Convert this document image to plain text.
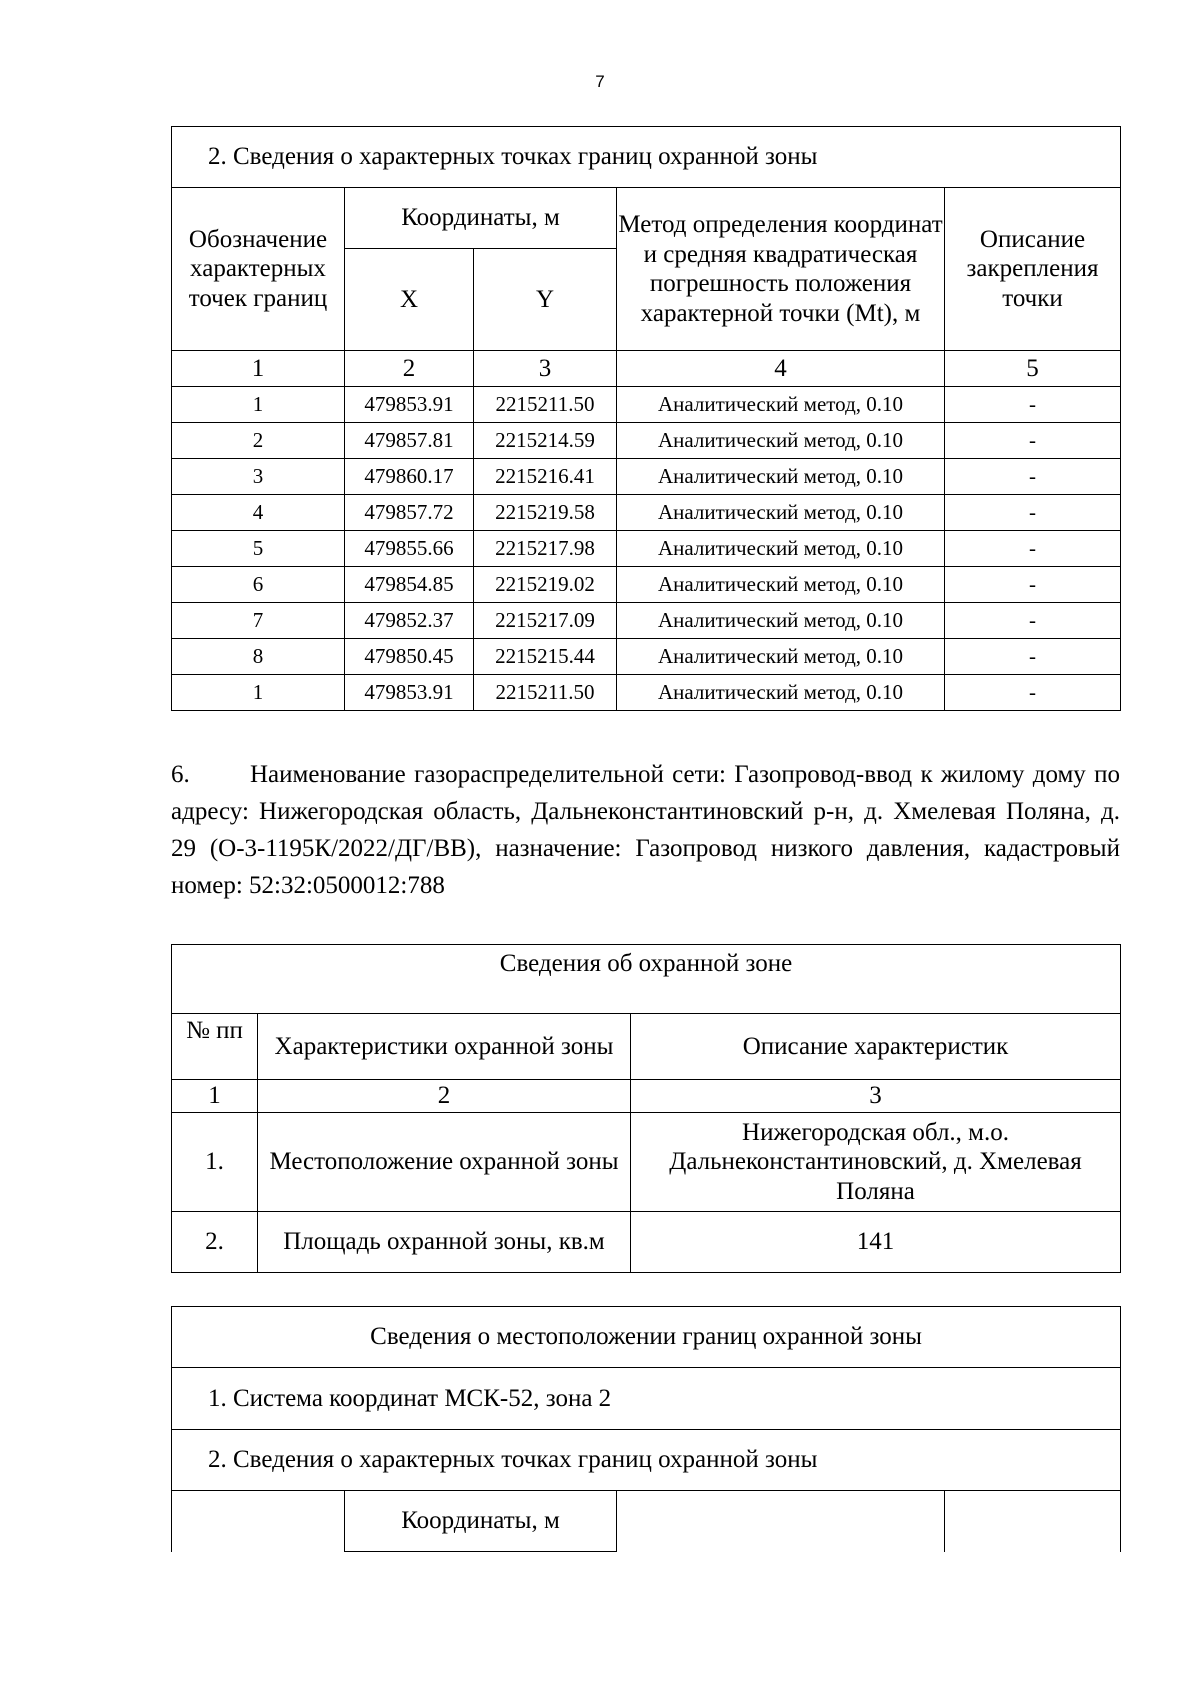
7
2. Сведения о характерных точках границ охранной зоны				
Обозначение характерных точек границ	Координаты, м		Метод определения координат и средняя квадратическая погрешность положения характерной точки (Mt), м	Описание закрепления точки
	X	Y		
1	2	3	4	5
1	479853.91	2215211.50	Аналитический метод, 0.10	-
2	479857.81	2215214.59	Аналитический метод, 0.10	-
3	479860.17	2215216.41	Аналитический метод, 0.10	-
4	479857.72	2215219.58	Аналитический метод, 0.10	-
5	479855.66	2215217.98	Аналитический метод, 0.10	-
6	479854.85	2215219.02	Аналитический метод, 0.10	-
7	479852.37	2215217.09	Аналитический метод, 0.10	-
8	479850.45	2215215.44	Аналитический метод, 0.10	-
1	479853.91	2215211.50	Аналитический метод, 0.10	-

6. Наименование газораспределительной сети: Газопровод-ввод к жилому дому по адресу: Нижегородская область, Дальнеконстантиновский р-н, д. Хмелевая Поляна, д. 29 (О-3-1195К/2022/ДГ/ВВ), назначение: Газопровод низкого давления, кадастровый номер: 52:32:0500012:788

Сведения об охранной зоне		
№ пп	Характеристики охранной зоны	Описание характеристик
1	2	3
1.	Местоположение охранной зоны	Нижегородская обл., м.о. Дальнеконстантиновский, д. Хмелевая Поляна
2.	Площадь охранной зоны, кв.м	141
Сведения о местоположении границ охранной зоны
1. Система координат МСК-52, зона 2
2. Сведения о характерных точках границ охранной зоны
	Координаты, м		
